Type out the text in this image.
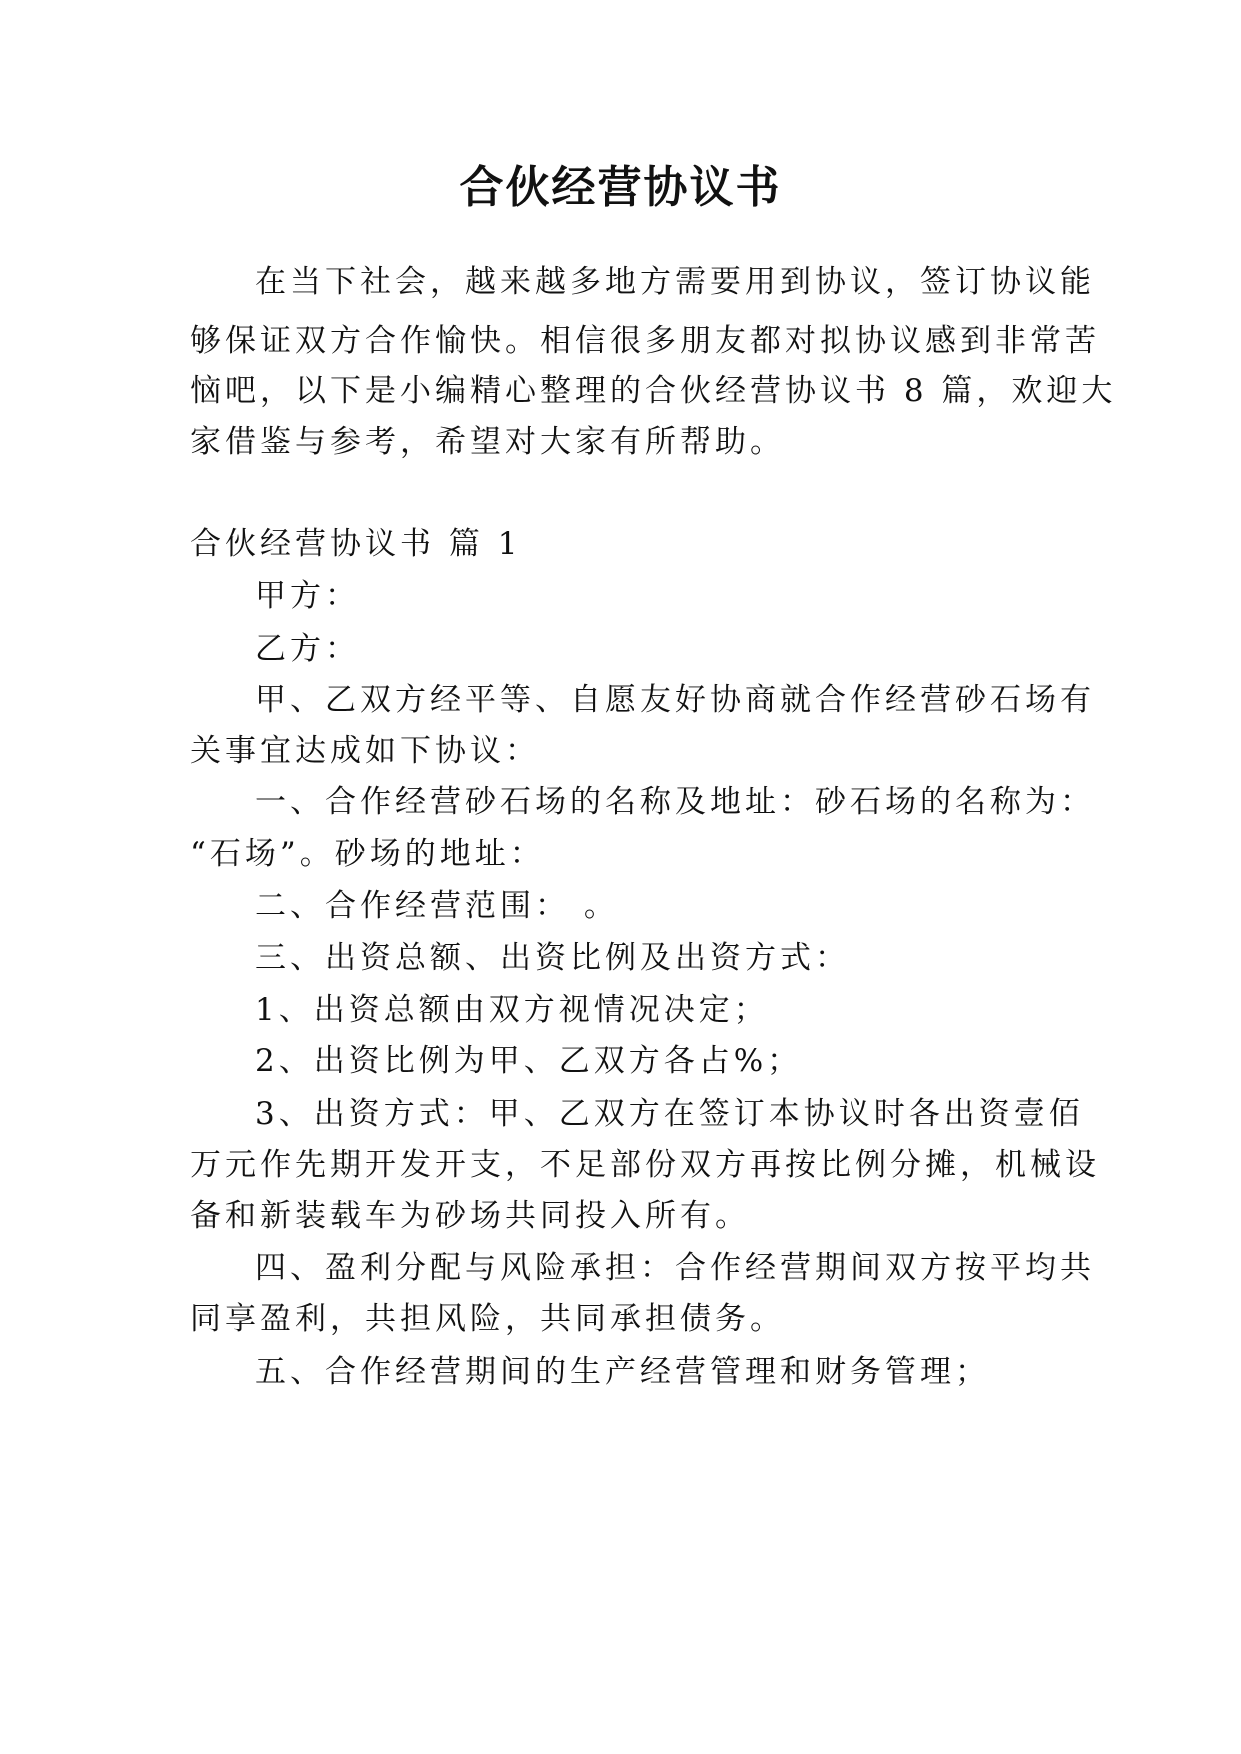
合伙经营协议书
在当下社会，越来越多地方需要用到协议，签订协议能
够保证双方合作愉快。相信很多朋友都对拟协议感到非常苦
恼吧，以下是小编精心整理的合伙经营协议书 8 篇，欢迎大
家借鉴与参考，希望对大家有所帮助。
合伙经营协议书 篇 1
甲方：
乙方：
甲、乙双方经平等、自愿友好协商就合作经营砂石场有
关事宜达成如下协议：
一、合作经营砂石场的名称及地址：砂石场的名称为：
“石场”。砂场的地址：
二、合作经营范围： 。
三、出资总额、出资比例及出资方式：
1、出资总额由双方视情况决定；
2、出资比例为甲、乙双方各占%；
3、出资方式：甲、乙双方在签订本协议时各出资壹佰
万元作先期开发开支，不足部份双方再按比例分摊，机械设
备和新装载车为砂场共同投入所有。
四、盈利分配与风险承担：合作经营期间双方按平均共
同享盈利，共担风险，共同承担债务。
五、合作经营期间的生产经营管理和财务管理；
